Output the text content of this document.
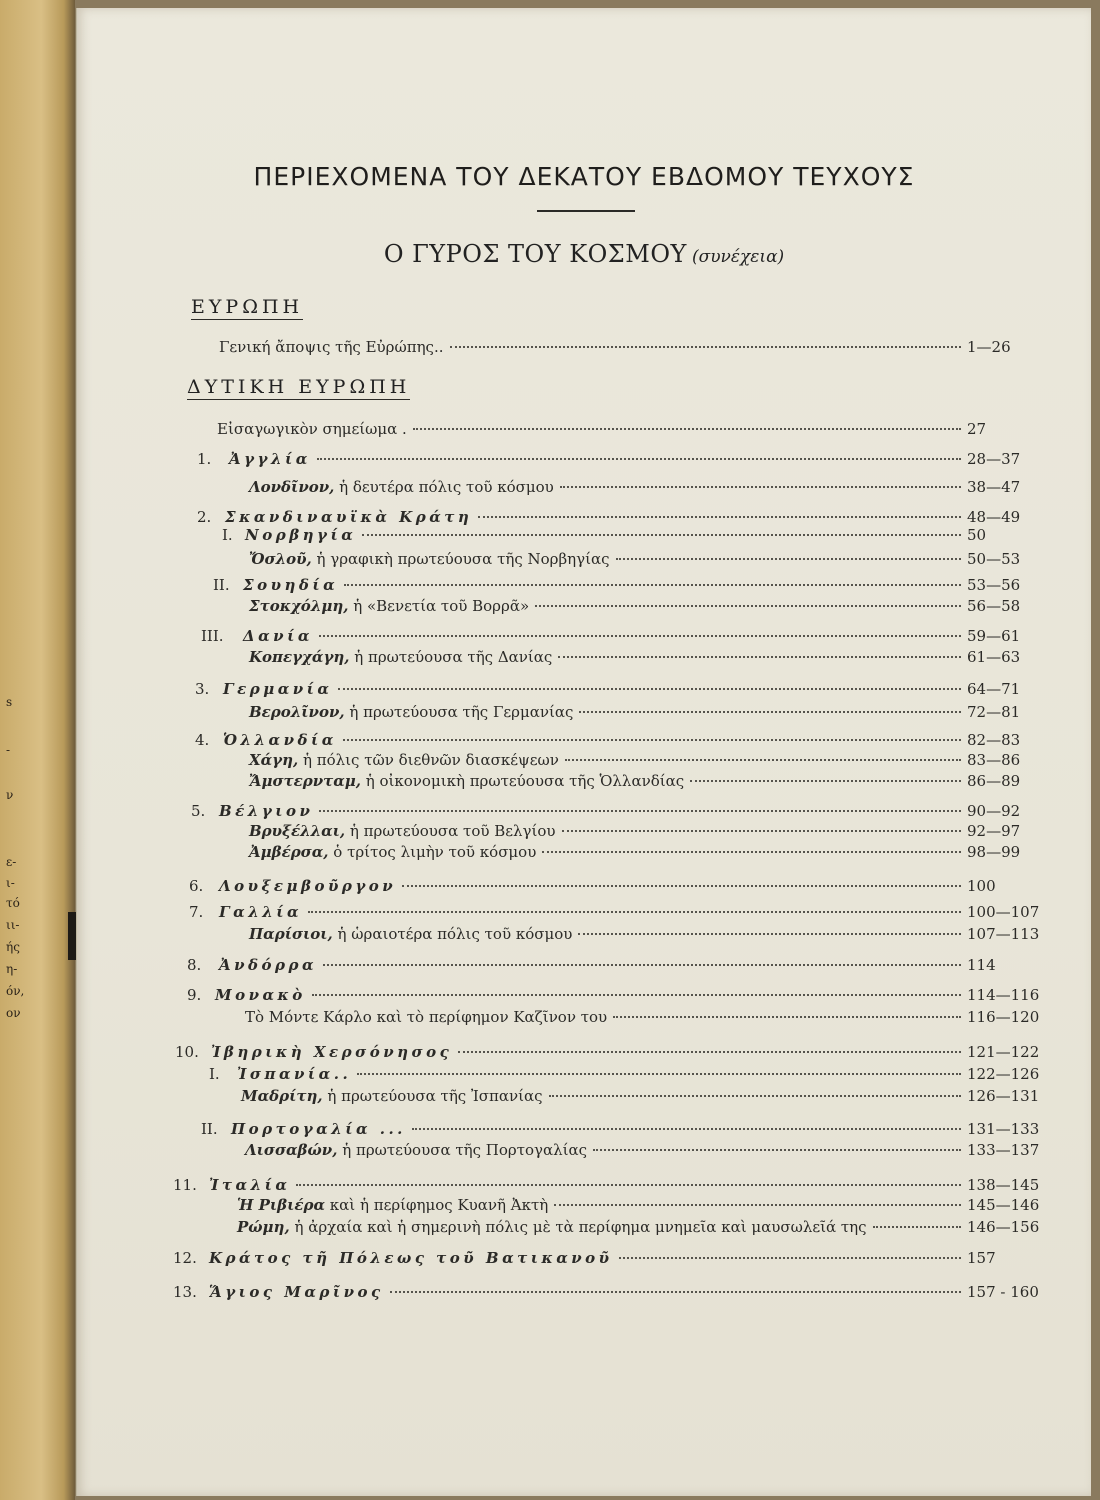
s
-
ν
ε-
ι-
τό
ιι-
ής
η-
όν,
ον
ΠΕΡΙΕΧΟΜΕΝΑ ΤΟΥ ΔΕΚΑΤΟΥ ΕΒΔΟΜΟΥ ΤΕΥΧΟΥΣ
Ο ΓΥΡΟΣ ΤΟΥ ΚΟΣΜΟΥ (συνέχεια)
ΕΥΡΩΠΗ
ΔΥΤΙΚΗ ΕΥΡΩΠΗ
Γενική ἄποψις τῆς Εὐρώπης..	1—26
Εἰσαγωγικὸν σημείωμα .	27
1.	Ἀγγλία	28—37
Λονδῖνον, ἡ δευτέρα πόλις τοῦ κόσμου	38—47
2. Σκανδιναυϊκὰ Κράτη	48—49
I. Νορβηγία	50
Ὄσλοῦ, ἡ γραφικὴ πρωτεύουσα τῆς Νορβηγίας	50—53
II. Σουηδία	53—56
Στοκχόλμη, ἡ «Βενετία τοῦ Βορρᾶ»	56—58
III.	Δανία	59—61
Κοπεγχάγη, ἡ πρωτεύουσα τῆς Δανίας	61—63
3. Γερμανία	64—71
Βερολῖνον, ἡ πρωτεύουσα τῆς Γερμανίας	72—81
4. Ὁλλανδία	82—83
Χάγη, ἡ πόλις τῶν διεθνῶν διασκέψεων	83—86
Ἄμστερνταμ, ἡ οἰκονομικὴ πρωτεύουσα τῆς Ὁλλανδίας	86—89
5. Βέλγιον	90—92
Βρυξέλλαι, ἡ πρωτεύουσα τοῦ Βελγίου	92—97
Ἀμβέρσα, ὁ τρίτος λιμὴν τοῦ κόσμου	98—99
6.	Λουξεμβοῦργον	100
7.	Γαλλία	100—107
Παρίσιοι, ἡ ὡραιοτέρα πόλις τοῦ κόσμου	107—113
8.	Ἀνδόρρα	114
9. Μονακὸ	114—116
Τὸ Μόντε Κάρλο καὶ τὸ περίφημον Καζῖνον του	116—120
10. Ἰβηρικὴ Χερσόνησος	121—122
I.	Ἰσπανία..	122—126
Μαδρίτη, ἡ πρωτεύουσα τῆς Ἰσπανίας	126—131
II. Πορτογαλία ...	131—133
Λισσαβών, ἡ πρωτεύουσα τῆς Πορτογαλίας	133—137
11. Ἰταλία	138—145
Ἡ Ριβιέρα καὶ ἡ περίφημος Κυανῆ Ἀκτὴ	145—146
Ρώμη, ἡ ἀρχαία καὶ ἡ σημερινὴ πόλις μὲ τὰ περίφημα μνημεῖα καὶ μαυσωλεῖά της	146—156
12. Κράτος τῆ Πόλεως τοῦ Βατικανοῦ	157
13. Ἅγιος Μαρῖνος	157 - 160
